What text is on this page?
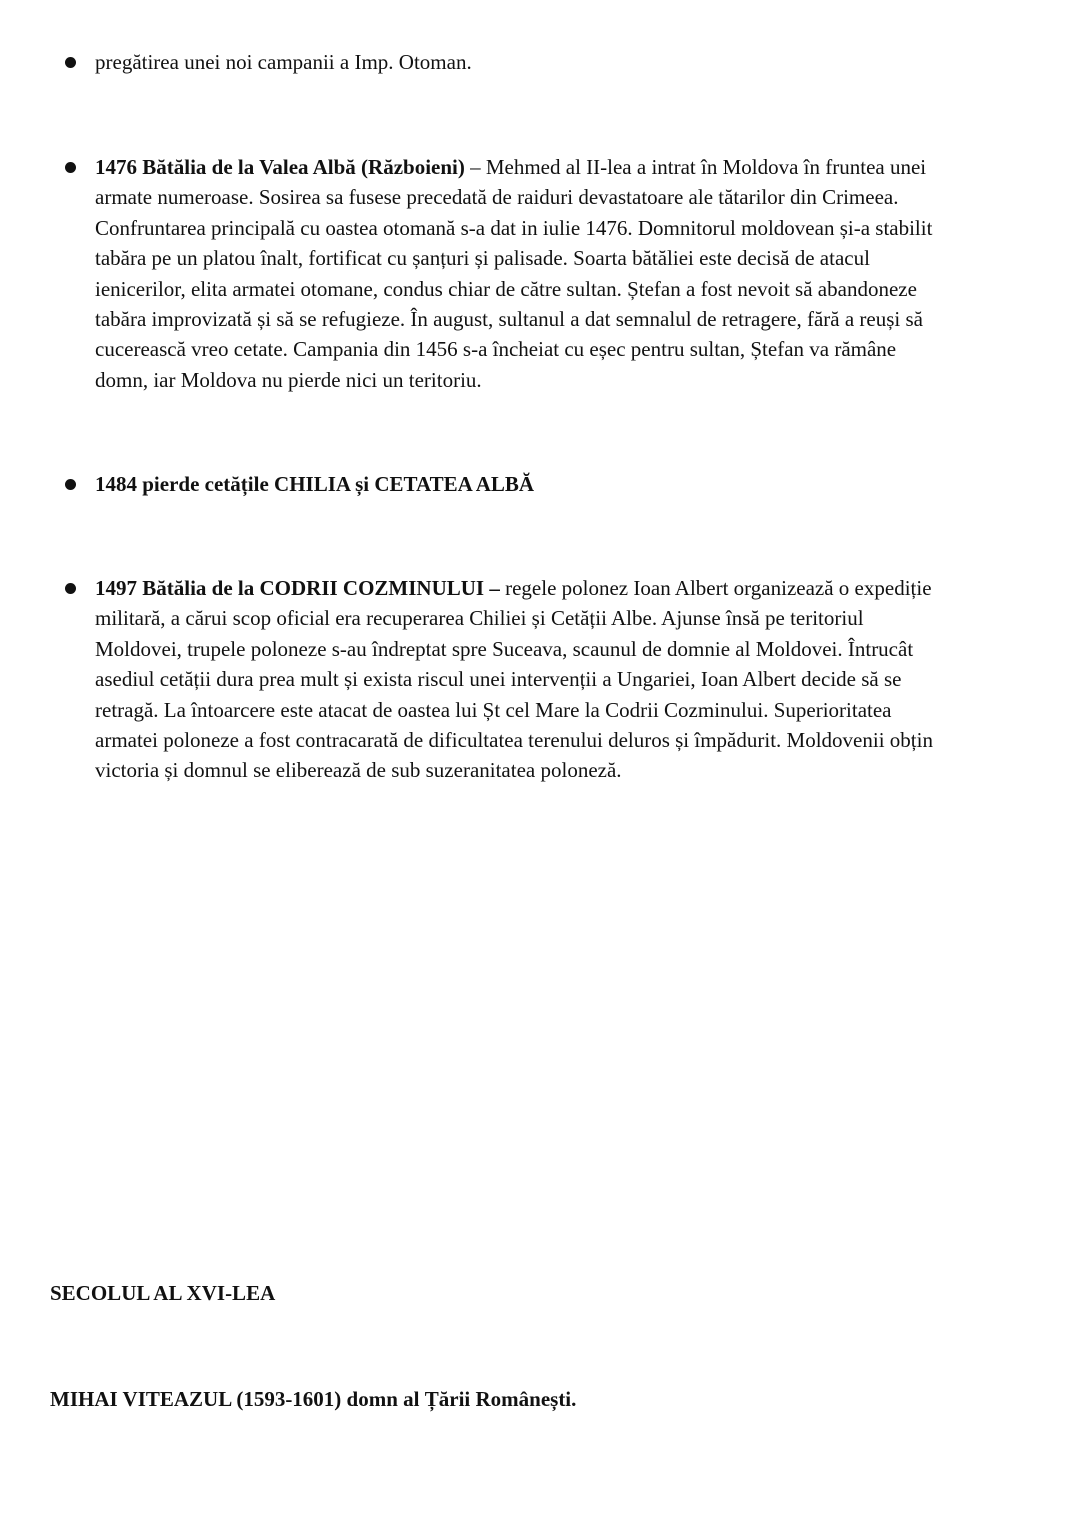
pregătirea unei noi campanii a Imp. Otoman.
1476 Bătălia de la Valea Albă (Războieni) – Mehmed al II-lea a intrat în Moldova în fruntea unei
armate numeroase. Sosirea sa fusese precedată de raiduri devastatoare ale tătarilor din Crimeea.
Confruntarea principală cu oastea otomană s-a dat in iulie 1476. Domnitorul moldovean și-a stabilit
tabăra pe un platou înalt, fortificat cu șanțuri și palisade. Soarta bătăliei este decisă de atacul
ienicerilor, elita armatei otomane, condus chiar de către sultan. Ștefan a fost nevoit să abandoneze
tabăra improvizată și să se refugieze. În august, sultanul a dat semnalul de retragere, fără a reuși să
cucerească vreo cetate. Campania din 1456 s-a încheiat cu eșec pentru sultan, Ștefan va rămâne
domn, iar Moldova nu pierde nici un teritoriu.
1484 pierde cetățile CHILIA și CETATEA ALBĂ
1497 Bătălia de la CODRII COZMINULUI – regele polonez Ioan Albert organizează o expediție
militară, a cărui scop oficial era recuperarea Chiliei și Cetății Albe. Ajunse însă pe teritoriul
Moldovei, trupele poloneze s-au îndreptat spre Suceava, scaunul de domnie al Moldovei. Întrucât
asediul cetății dura prea mult și exista riscul unei intervenții a Ungariei, Ioan Albert decide să se
retragă. La întoarcere este atacat de oastea lui Șt cel Mare la Codrii Cozminului. Superioritatea
armatei poloneze a fost contracarată de dificultatea terenului deluros și împădurit. Moldovenii obțin
victoria și domnul se eliberează de sub suzeranitatea poloneză.
SECOLUL AL XVI-LEA
MIHAI VITEAZUL (1593-1601) domn al Țării Românești.
